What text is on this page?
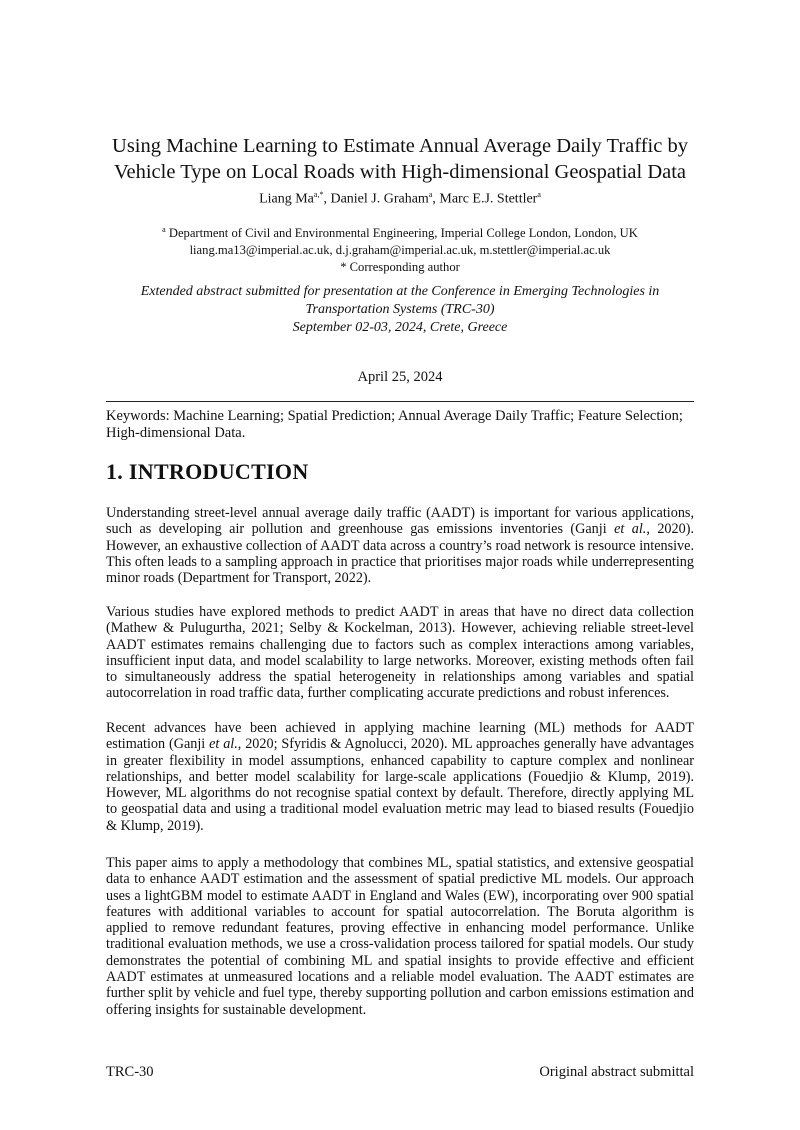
Using Machine Learning to Estimate Annual Average Daily Traffic by
Vehicle Type on Local Roads with High-dimensional Geospatial Data
Liang $Ma^{a,*}$, Daniel J. Graham$^a$, Marc E.J. Stettler$^a$
$^a$ Department of Civil and Environmental Engineering, Imperial College London, London, UK
liang.ma13@imperial.ac.uk, d.j.graham@imperial.ac.uk, m.stettler@imperial.ac.uk
* Corresponding author
Extended abstract submitted for presentation at the Conference in Emerging Technologies in
Transportation Systems (TRC-30)
September 02-03, 2024, Crete, Greece
April 25, 2024
Keywords: Machine Learning; Spatial Prediction; Annual Average Daily Traffic; Feature Selection; High-dimensional Data.
1. INTRODUCTION
Understanding street-level annual average daily traffic (AADT) is important for various applications, such as developing air pollution and greenhouse gas emissions inventories (Ganji et al., 2020). However, an exhaustive collection of AADT data across a country’s road network is resource intensive. This often leads to a sampling approach in practice that prioritises major roads while underrepresenting minor roads (Department for Transport, 2022).
Various studies have explored methods to predict AADT in areas that have no direct data collection (Mathew & Pulugurtha, 2021; Selby & Kockelman, 2013). However, achieving reliable street-level AADT estimates remains challenging due to factors such as complex interactions among variables, insufficient input data, and model scalability to large networks. Moreover, existing methods often fail to simultaneously address the spatial heterogeneity in relationships among variables and spatial autocorrelation in road traffic data, further complicating accurate predictions and robust inferences.
Recent advances have been achieved in applying machine learning (ML) methods for AADT estimation (Ganji et al., 2020; Sfyridis & Agnolucci, 2020). ML approaches generally have advantages in greater flexibility in model assumptions, enhanced capability to capture complex and nonlinear relationships, and better model scalability for large-scale applications (Fouedjio & Klump, 2019). However, ML algorithms do not recognise spatial context by default. Therefore, directly applying ML to geospatial data and using a traditional model evaluation metric may lead to biased results (Fouedjio & Klump, 2019).
This paper aims to apply a methodology that combines ML, spatial statistics, and extensive geospatial data to enhance AADT estimation and the assessment of spatial predictive ML models. Our approach uses a lightGBM model to estimate AADT in England and Wales (EW), incorporating over 900 spatial features with additional variables to account for spatial autocorrelation. The Boruta algorithm is applied to remove redundant features, proving effective in enhancing model performance. Unlike traditional evaluation methods, we use a cross-validation process tailored for spatial models. Our study demonstrates the potential of combining ML and spatial insights to provide effective and efficient AADT estimates at unmeasured locations and a reliable model evaluation. The AADT estimates are further split by vehicle and fuel type, thereby supporting pollution and carbon emissions estimation and offering insights for sustainable development.
TRC-30	Original abstract submittal
